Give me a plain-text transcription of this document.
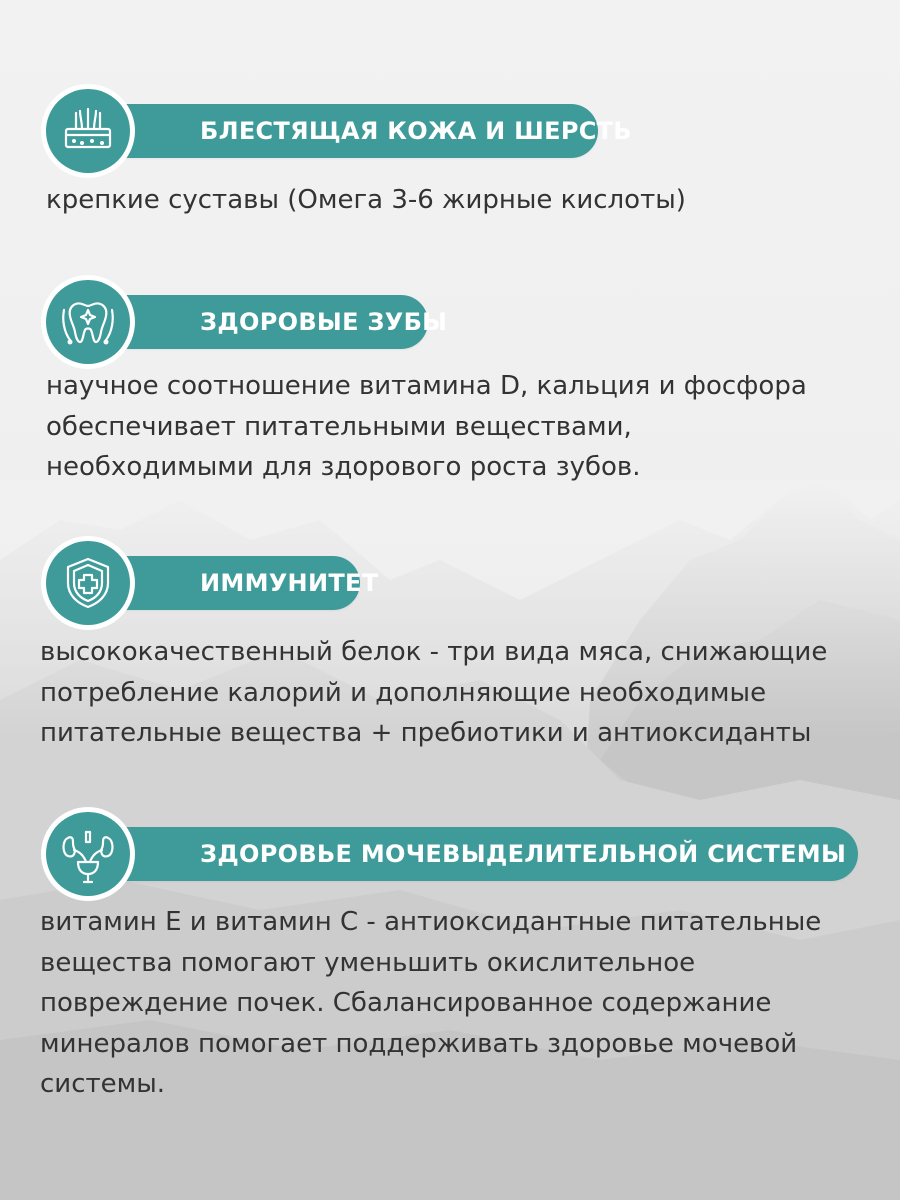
БЛЕСТЯЩАЯ КОЖА И ШЕРСТЬ

крепкие суставы (Омега 3-6 жирные кислоты)

ЗДОРОВЫЕ ЗУБЫ

научное соотношение витамина D, кальция и фосфора обеспечивает питательными веществами, необходимыми для здорового роста зубов.

ИММУНИТЕТ

высококачественный белок - три вида мяса, снижающие потребление калорий и дополняющие необходимые питательные вещества + пребиотики и антиоксиданты

ЗДОРОВЬЕ МОЧЕВЫДЕЛИТЕЛЬНОЙ СИСТЕМЫ

витамин Е и витамин С - антиоксидантные питательные вещества помогают уменьшить окислительное повреждение почек. Сбалансированное содержание минералов помогает поддерживать здоровье мочевой системы.
